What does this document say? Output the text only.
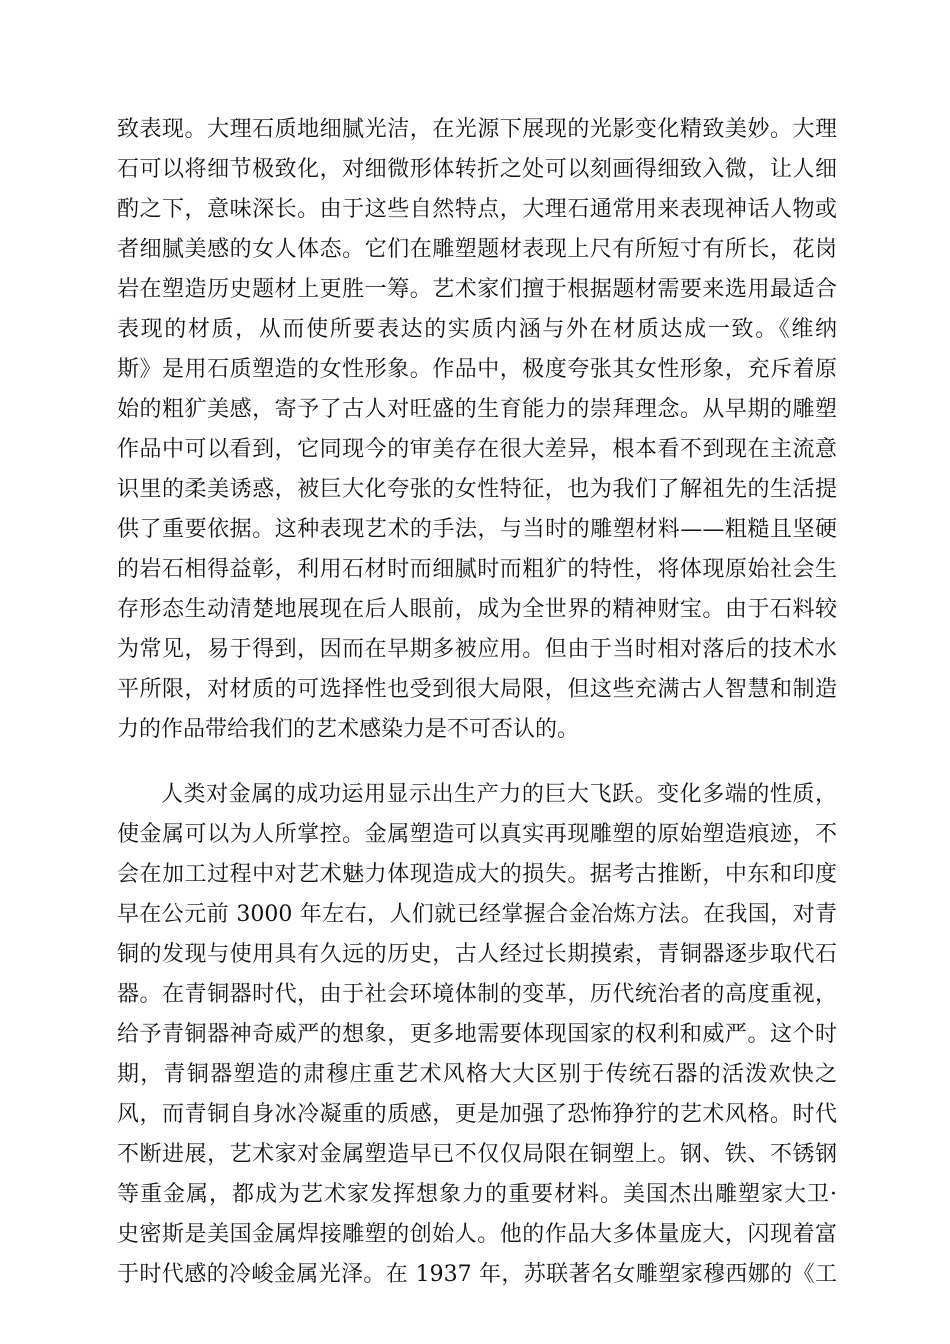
致表现。大理石质地细腻光洁，在光源下展现的光影变化精致美妙。大理

石可以将细节极致化，对细微形体转折之处可以刻画得细致入微，让人细

酌之下，意味深长。由于这些自然特点，大理石通常用来表现神话人物或

者细腻美感的女人体态。它们在雕塑题材表现上尺有所短寸有所长，花岗

岩在塑造历史题材上更胜一筹。艺术家们擅于根据题材需要来选用最适合

表现的材质，从而使所要表达的实质内涵与外在材质达成一致。《维纳

斯》是用石质塑造的女性形象。作品中，极度夸张其女性形象，充斥着原

始的粗犷美感，寄予了古人对旺盛的生育能力的崇拜理念。从早期的雕塑

作品中可以看到，它同现今的审美存在很大差异，根本看不到现在主流意

识里的柔美诱惑，被巨大化夸张的女性特征，也为我们了解祖先的生活提

供了重要依据。这种表现艺术的手法，与当时的雕塑材料——粗糙且坚硬

的岩石相得益彰，利用石材时而细腻时而粗犷的特性，将体现原始社会生

存形态生动清楚地展现在后人眼前，成为全世界的精神财宝。由于石料较

为常见，易于得到，因而在早期多被应用。但由于当时相对落后的技术水

平所限，对材质的可选择性也受到很大局限，但这些充满古人智慧和制造

力的作品带给我们的艺术感染力是不可否认的。

人类对金属的成功运用显示出生产力的巨大飞跃。变化多端的性质，

使金属可以为人所掌控。金属塑造可以真实再现雕塑的原始塑造痕迹，不

会在加工过程中对艺术魅力体现造成大的损失。据考古推断，中东和印度

早在公元前 3000 年左右，人们就已经掌握合金冶炼方法。在我国，对青

铜的发现与使用具有久远的历史，古人经过长期摸索，青铜器逐步取代石

器。在青铜器时代，由于社会环境体制的变革，历代统治者的高度重视，

给予青铜器神奇威严的想象，更多地需要体现国家的权利和威严。这个时

期，青铜器塑造的肃穆庄重艺术风格大大区别于传统石器的活泼欢快之

风，而青铜自身冰冷凝重的质感，更是加强了恐怖狰狞的艺术风格。时代

不断进展，艺术家对金属塑造早已不仅仅局限在铜塑上。钢、铁、不锈钢

等重金属，都成为艺术家发挥想象力的重要材料。美国杰出雕塑家大卫·

史密斯是美国金属焊接雕塑的创始人。他的作品大多体量庞大，闪现着富

于时代感的冷峻金属光泽。在 1937 年，苏联著名女雕塑家穆西娜的《工
